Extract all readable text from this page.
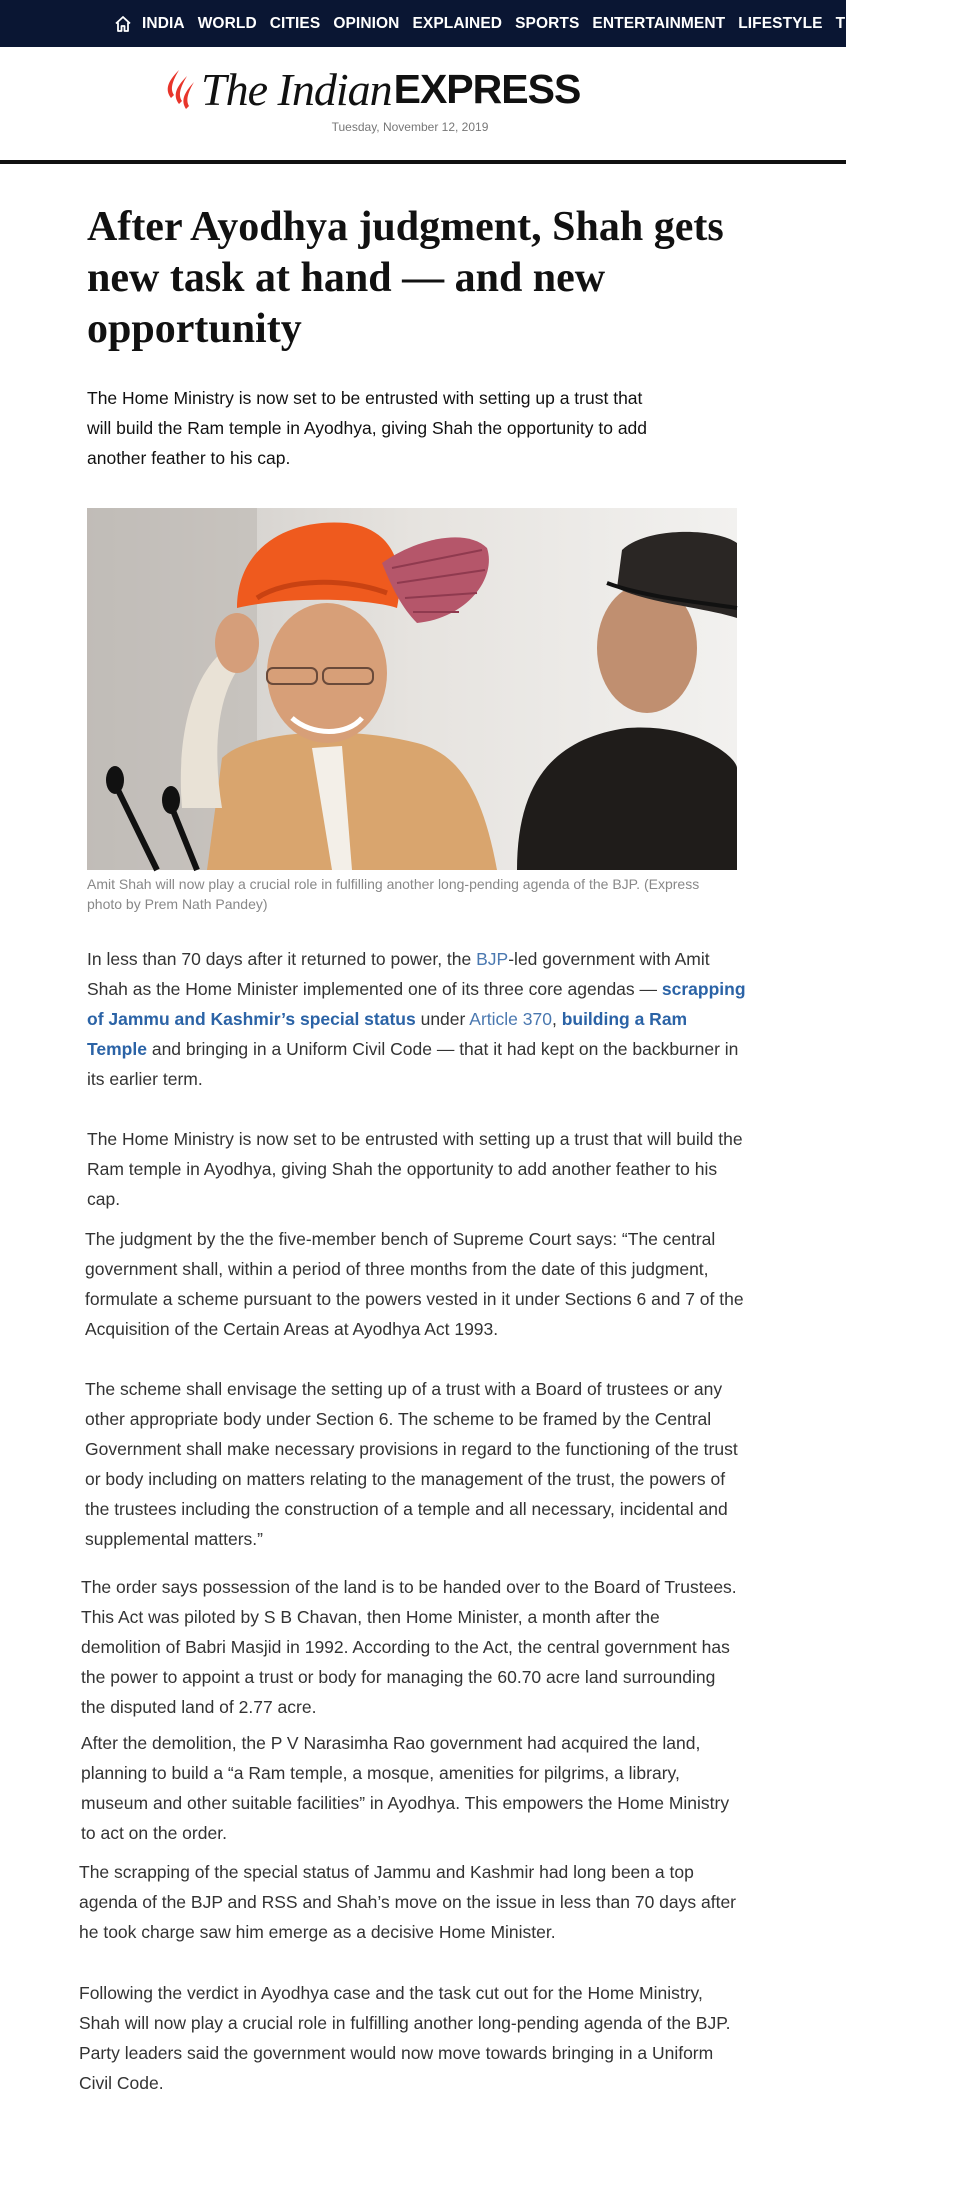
INDIA WORLD CITIES OPINION EXPLAINED SPORTS ENTERTAINMENT LIFESTYLE TECHNOLOGY
The Indian EXPRESS
Tuesday, November 12, 2019
After Ayodhya judgment, Shah gets new task at hand — and new opportunity

The Home Ministry is now set to be entrusted with setting up a trust that will build the Ram temple in Ayodhya, giving Shah the opportunity to add another feather to his cap.

Amit Shah will now play a crucial role in fulfilling another long-pending agenda of the BJP. (Express photo by Prem Nath Pandey)

In less than 70 days after it returned to power, the BJP-led government with Amit Shah as the Home Minister implemented one of its three core agendas — scrapping of Jammu and Kashmir’s special status under Article 370, building a Ram Temple and bringing in a Uniform Civil Code — that it had kept on the backburner in its earlier term.

The Home Ministry is now set to be entrusted with setting up a trust that will build the Ram temple in Ayodhya, giving Shah the opportunity to add another feather to his cap.

The judgment by the the five-member bench of Supreme Court says: “The central government shall, within a period of three months from the date of this judgment, formulate a scheme pursuant to the powers vested in it under Sections 6 and 7 of the Acquisition of the Certain Areas at Ayodhya Act 1993.

The scheme shall envisage the setting up of a trust with a Board of trustees or any other appropriate body under Section 6. The scheme to be framed by the Central Government shall make necessary provisions in regard to the functioning of the trust or body including on matters relating to the management of the trust, the powers of the trustees including the construction of a temple and all necessary, incidental and supplemental matters.”

The order says possession of the land is to be handed over to the Board of Trustees. This Act was piloted by S B Chavan, then Home Minister, a month after the demolition of Babri Masjid in 1992. According to the Act, the central government has the power to appoint a trust or body for managing the 60.70 acre land surrounding the disputed land of 2.77 acre.

After the demolition, the P V Narasimha Rao government had acquired the land, planning to build a “a Ram temple, a mosque, amenities for pilgrims, a library, museum and other suitable facilities” in Ayodhya. This empowers the Home Ministry to act on the order.

The scrapping of the special status of Jammu and Kashmir had long been a top agenda of the BJP and RSS and Shah’s move on the issue in less than 70 days after he took charge saw him emerge as a decisive Home Minister.

Following the verdict in Ayodhya case and the task cut out for the Home Ministry, Shah will now play a crucial role in fulfilling another long-pending agenda of the BJP. Party leaders said the government would now move towards bringing in a Uniform Civil Code.
